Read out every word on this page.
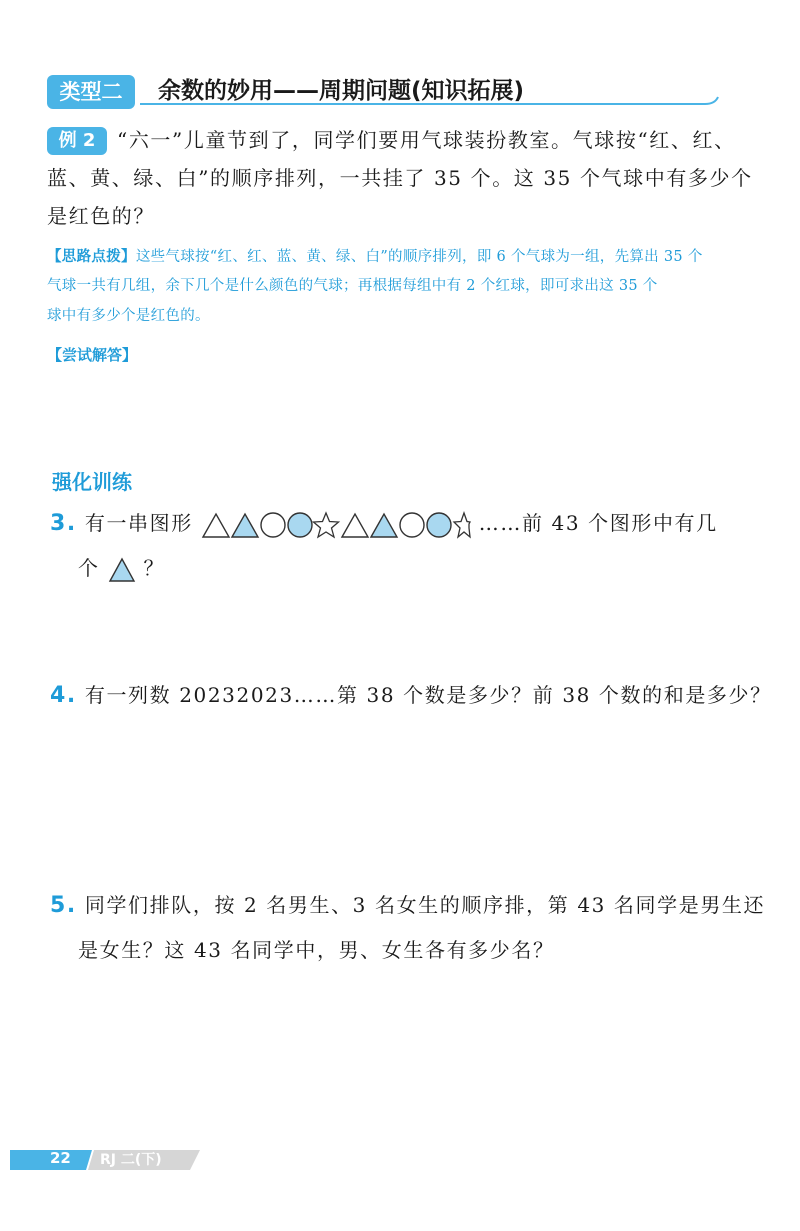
类型二	余数的妙用——周期问题(知识拓展)
例 2	“六一”儿童节到了，同学们要用气球装扮教室。气球按“红、红、
蓝、黄、绿、白”的顺序排列，一共挂了 35 个。这 35 个气球中有多少个
是红色的？
【思路点拨】这些气球按“红、红、蓝、黄、绿、白”的顺序排列，即 6 个气球为一组，先算出 35 个
气球一共有几组，余下几个是什么颜色的气球；再根据每组中有 2 个红球，即可求出这 35 个
球中有多少个是红色的。
【尝试解答】
强化训练
3. 有一串图形	……前 43 个图形中有几
个 ？
4. 有一列数 20232023……第 38 个数是多少？前 38 个数的和是多少？
5. 同学们排队，按 2 名男生、3 名女生的顺序排，第 43 名同学是男生还
是女生？这 43 名同学中，男、女生各有多少名？
22 RJ 二(下)
